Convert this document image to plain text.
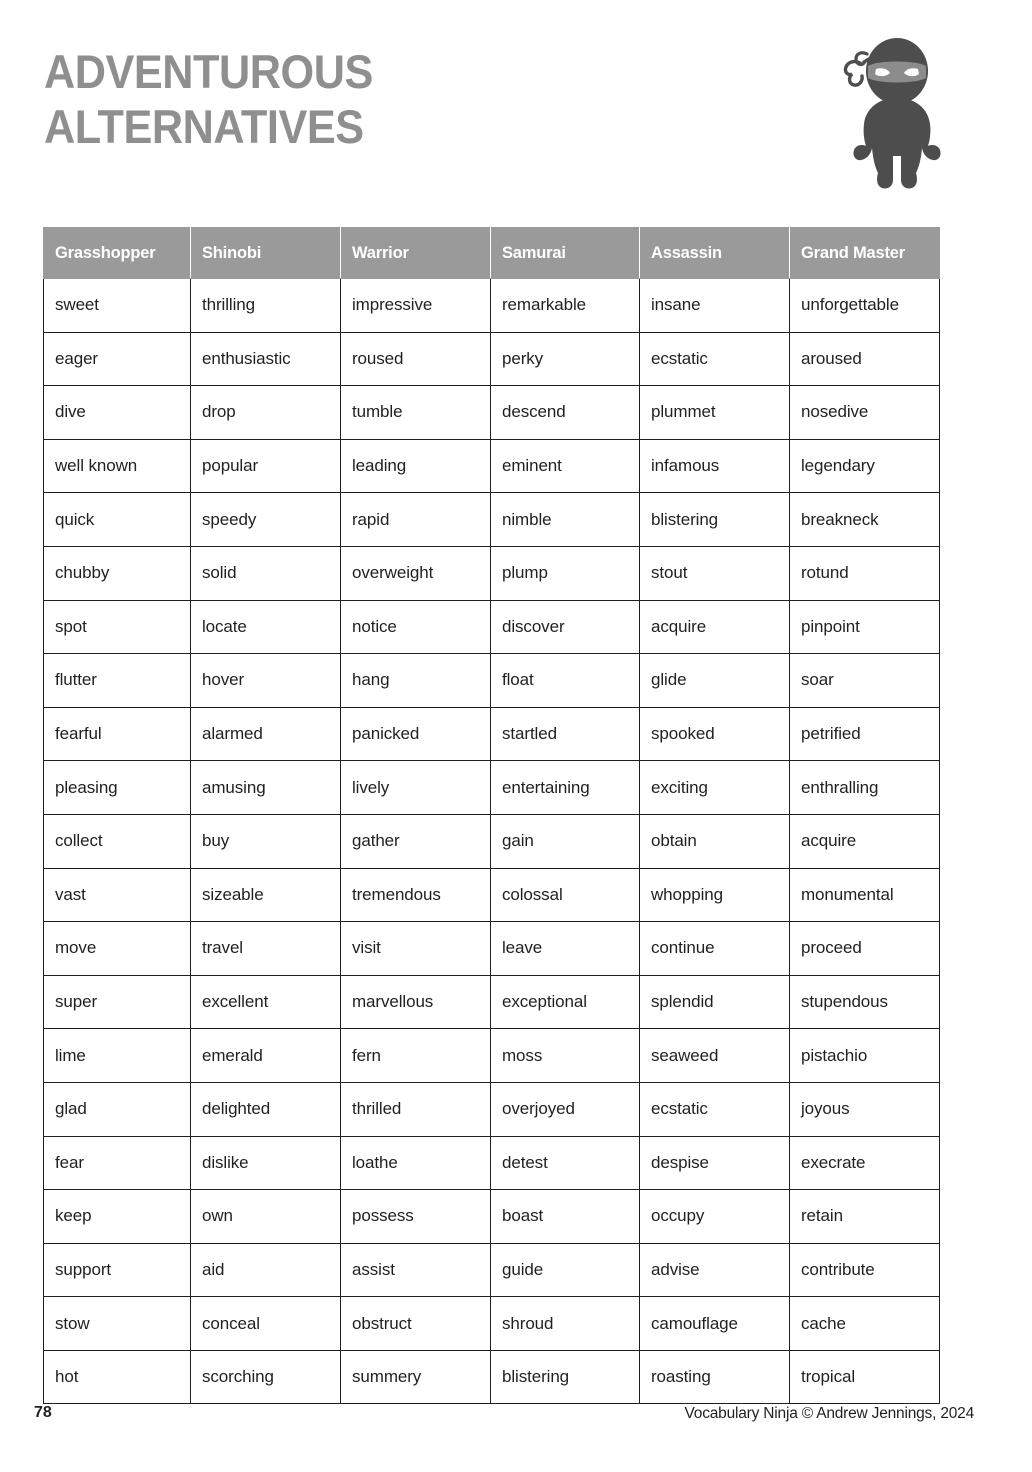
ADVENTUROUS
ALTERNATIVES
Grasshopper	Shinobi	Warrior	Samurai	Assassin	Grand Master
sweet	thrilling	impressive	remarkable	insane	unforgettable
eager	enthusiastic	roused	perky	ecstatic	aroused
dive	drop	tumble	descend	plummet	nosedive
well known	popular	leading	eminent	infamous	legendary
quick	speedy	rapid	nimble	blistering	breakneck
chubby	solid	overweight	plump	stout	rotund
spot	locate	notice	discover	acquire	pinpoint
flutter	hover	hang	float	glide	soar
fearful	alarmed	panicked	startled	spooked	petrified
pleasing	amusing	lively	entertaining	exciting	enthralling
collect	buy	gather	gain	obtain	acquire
vast	sizeable	tremendous	colossal	whopping	monumental
move	travel	visit	leave	continue	proceed
super	excellent	marvellous	exceptional	splendid	stupendous
lime	emerald	fern	moss	seaweed	pistachio
glad	delighted	thrilled	overjoyed	ecstatic	joyous
fear	dislike	loathe	detest	despise	execrate
keep	own	possess	boast	occupy	retain
support	aid	assist	guide	advise	contribute
stow	conceal	obstruct	shroud	camouflage	cache
hot	scorching	summery	blistering	roasting	tropical
78	Vocabulary Ninja © Andrew Jennings, 2024
